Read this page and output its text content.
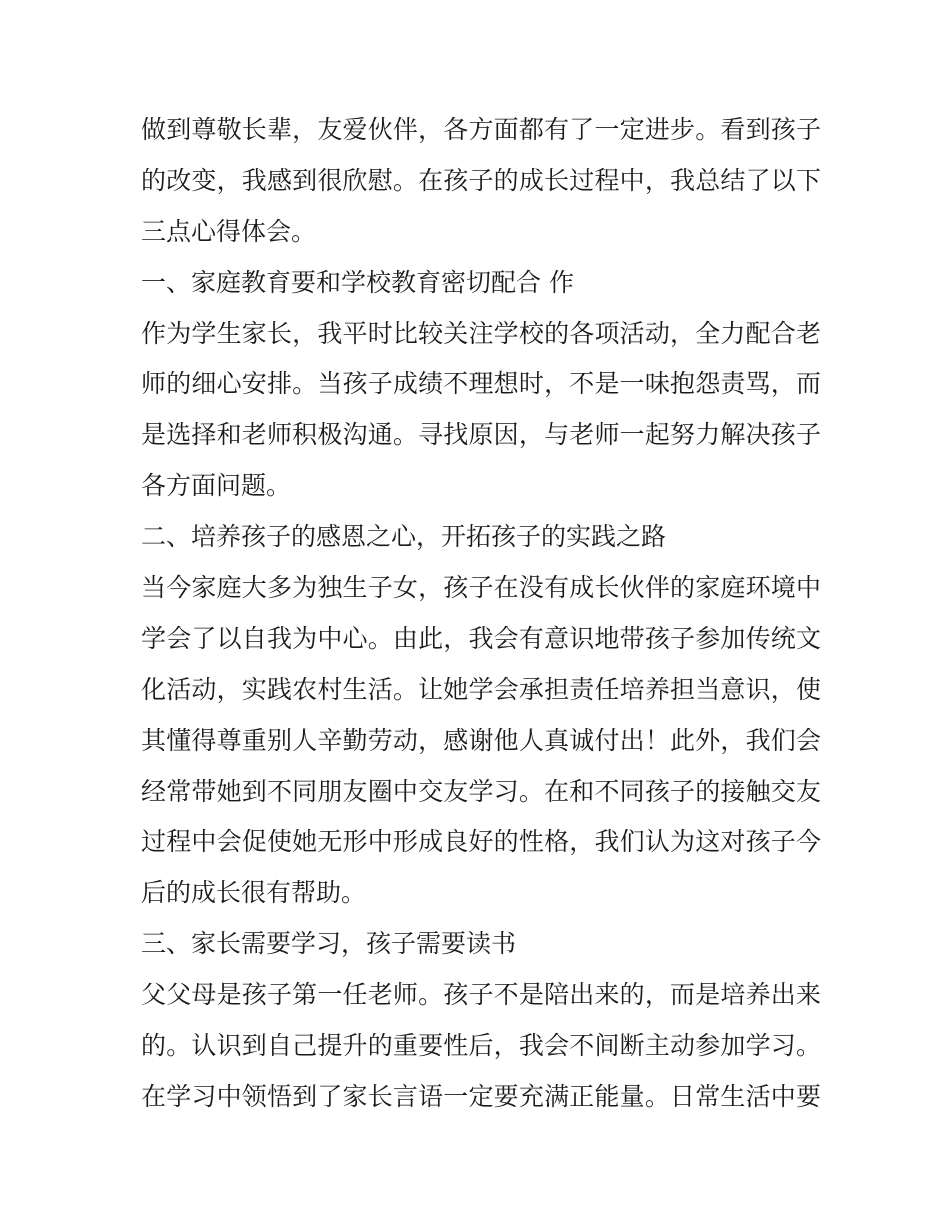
做到尊敬长辈，友爱伙伴，各方面都有了一定进步。看到孩子
的改变，我感到很欣慰。在孩子的成长过程中，我总结了以下
三点心得体会。
一、家庭教育要和学校教育密切配合 作
作为学生家长，我平时比较关注学校的各项活动，全力配合老
师的细心安排。当孩子成绩不理想时，不是一味抱怨责骂，而
是选择和老师积极沟通。寻找原因，与老师一起努力解决孩子
各方面问题。
二、培养孩子的感恩之心，开拓孩子的实践之路
当今家庭大多为独生子女，孩子在没有成长伙伴的家庭环境中
学会了以自我为中心。由此，我会有意识地带孩子参加传统文
化活动，实践农村生活。让她学会承担责任培养担当意识，使
其懂得尊重别人辛勤劳动，感谢他人真诚付出！此外，我们会
经常带她到不同朋友圈中交友学习。在和不同孩子的接触交友
过程中会促使她无形中形成良好的性格，我们认为这对孩子今
后的成长很有帮助。
三、家长需要学习，孩子需要读书
父父母是孩子第一任老师。孩子不是陪出来的，而是培养出来
的。认识到自己提升的重要性后，我会不间断主动参加学习。
在学习中领悟到了家长言语一定要充满正能量。日常生活中要
